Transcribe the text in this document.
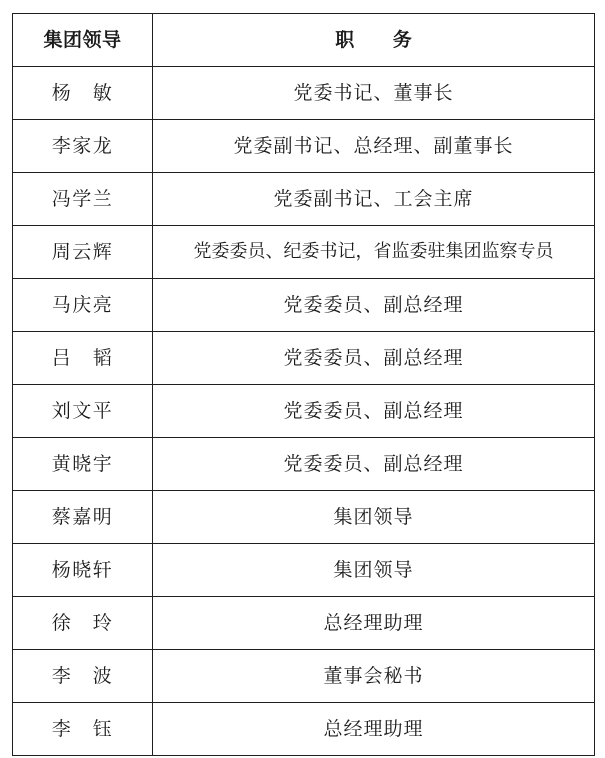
集团领导	职 务
杨　敏	党委书记、董事长
李家龙	党委副书记、总经理、副董事长
冯学兰	党委副书记、工会主席
周云辉	党委委员、纪委书记，省监委驻集团监察专员
马庆亮	党委委员、副总经理
吕　韬	党委委员、副总经理
刘文平	党委委员、副总经理
黄晓宇	党委委员、副总经理
蔡嘉明	集团领导
杨晓轩	集团领导
徐　玲	总经理助理
李　波	董事会秘书
李　钰	总经理助理
